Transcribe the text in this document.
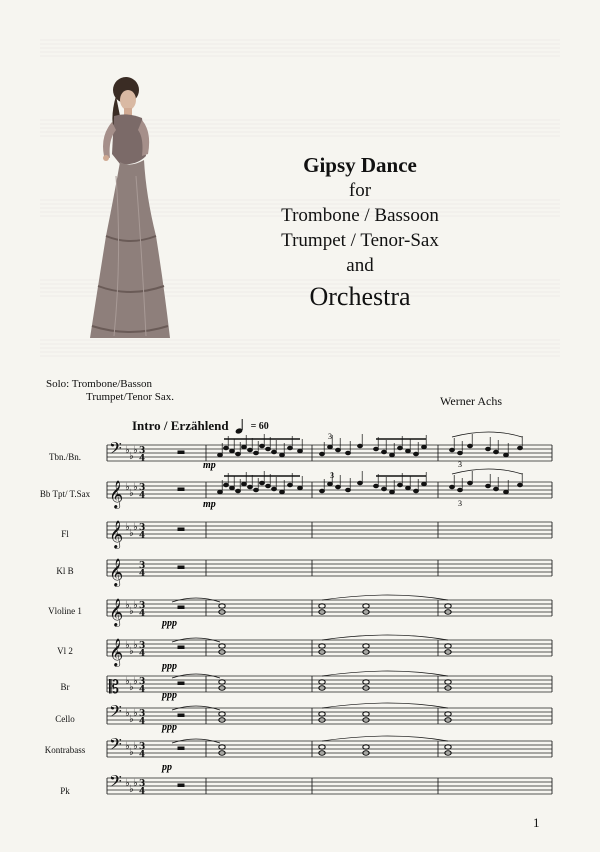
Gipsy Dance
for
Trombone / Bassoon
Trumpet / Tenor-Sax
and
Orchestra
Solo: Trombone/Basson
Trumpet/Tenor Sax.	Werner Achs
Intro / Erzählend = 60
Tbn./Bn.
Bb Tpt/ T.Sax
Fl
Kl B
Vloline 1
Vl 2
Br
Cello
Kontrabass
Pk
𝄢 ♭
♭
♭ 3
4
𝄞 ♭
♭
♭ 3
4
𝄞 ♭
♭
♭ 3
4
𝄞 3
4
𝄞 ♭
♭
♭ 3
4
𝄞 ♭
♭
♭ 3
4
𝄡 ♭
♭
♭ 3
4
𝄢 ♭
♭
♭ 3
4
𝄢 ♭
♭
♭ 3
4
𝄢 ♭
♭
♭ 3
4
mp
mp
ppp
ppp
ppp
ppp
pp
3
3
3
3
1
